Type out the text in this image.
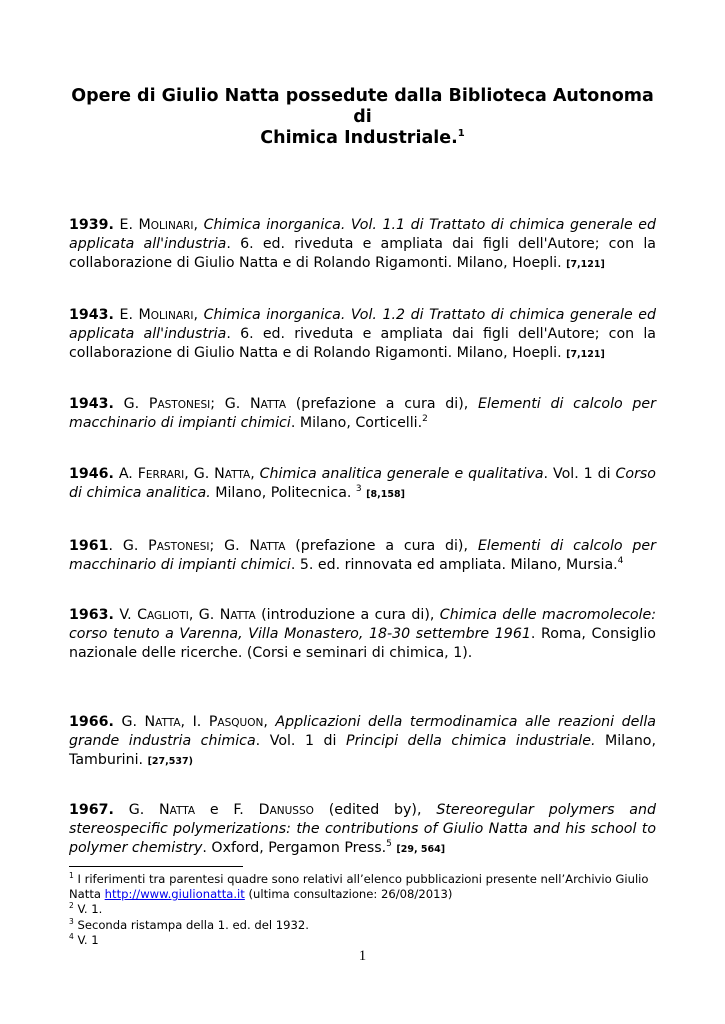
Opere di Giulio Natta possedute dalla Biblioteca Autonoma di
Chimica Industriale.$^1$

1939. E. MOLINARI, Chimica inorganica. Vol. 1.1 di Trattato di chimica generale ed applicata all'industria. 6. ed. riveduta e ampliata dai figli dell'Autore; con la collaborazione di Giulio Natta e di Rolando Rigamonti. Milano, Hoepli. [7,121]

1943. E. MOLINARI, Chimica inorganica. Vol. 1.2 di Trattato di chimica generale ed applicata all'industria. 6. ed. riveduta e ampliata dai figli dell'Autore; con la collaborazione di Giulio Natta e di Rolando Rigamonti. Milano, Hoepli. [7,121]

1943. G. PASTONESI; G. NATTA (prefazione a cura di), Elementi di calcolo per macchinario di impianti chimici. Milano, Corticelli.$^2$

1946. A. FERRARI, G. NATTA, Chimica analitica generale e qualitativa. Vol. 1 di Corso di chimica analitica. Milano, Politecnica. $^3$ [8,158]

1961. G. PASTONESI; G. NATTA (prefazione a cura di), Elementi di calcolo per macchinario di impianti chimici. 5. ed. rinnovata ed ampliata. Milano, Mursia.$^4$

1963. V. CAGLIOTI, G. NATTA (introduzione a cura di), Chimica delle macromolecole: corso tenuto a Varenna, Villa Monastero, 18-30 settembre 1961. Roma, Consiglio nazionale delle ricerche. (Corsi e seminari di chimica, 1).

1966. G. NATTA, I. PASQUON, Applicazioni della termodinamica alle reazioni della grande industria chimica. Vol. 1 di Principi della chimica industriale. Milano, Tamburini. [27,537)

1967. G. NATTA e F. DANUSSO (edited by), Stereoregular polymers and stereospecific polymerizations: the contributions of Giulio Natta and his school to polymer chemistry. Oxford, Pergamon Press.$^5$ [29, 564]

$^1$ I riferimenti tra parentesi quadre sono relativi all’elenco pubblicazioni presente nell’Archivio Giulio Natta http://www.giulionatta.it (ultima consultazione: 26/08/2013)

$^2$ V. 1.

$^3$ Seconda ristampa della 1. ed. del 1932.

$^4$ V. 1

1
